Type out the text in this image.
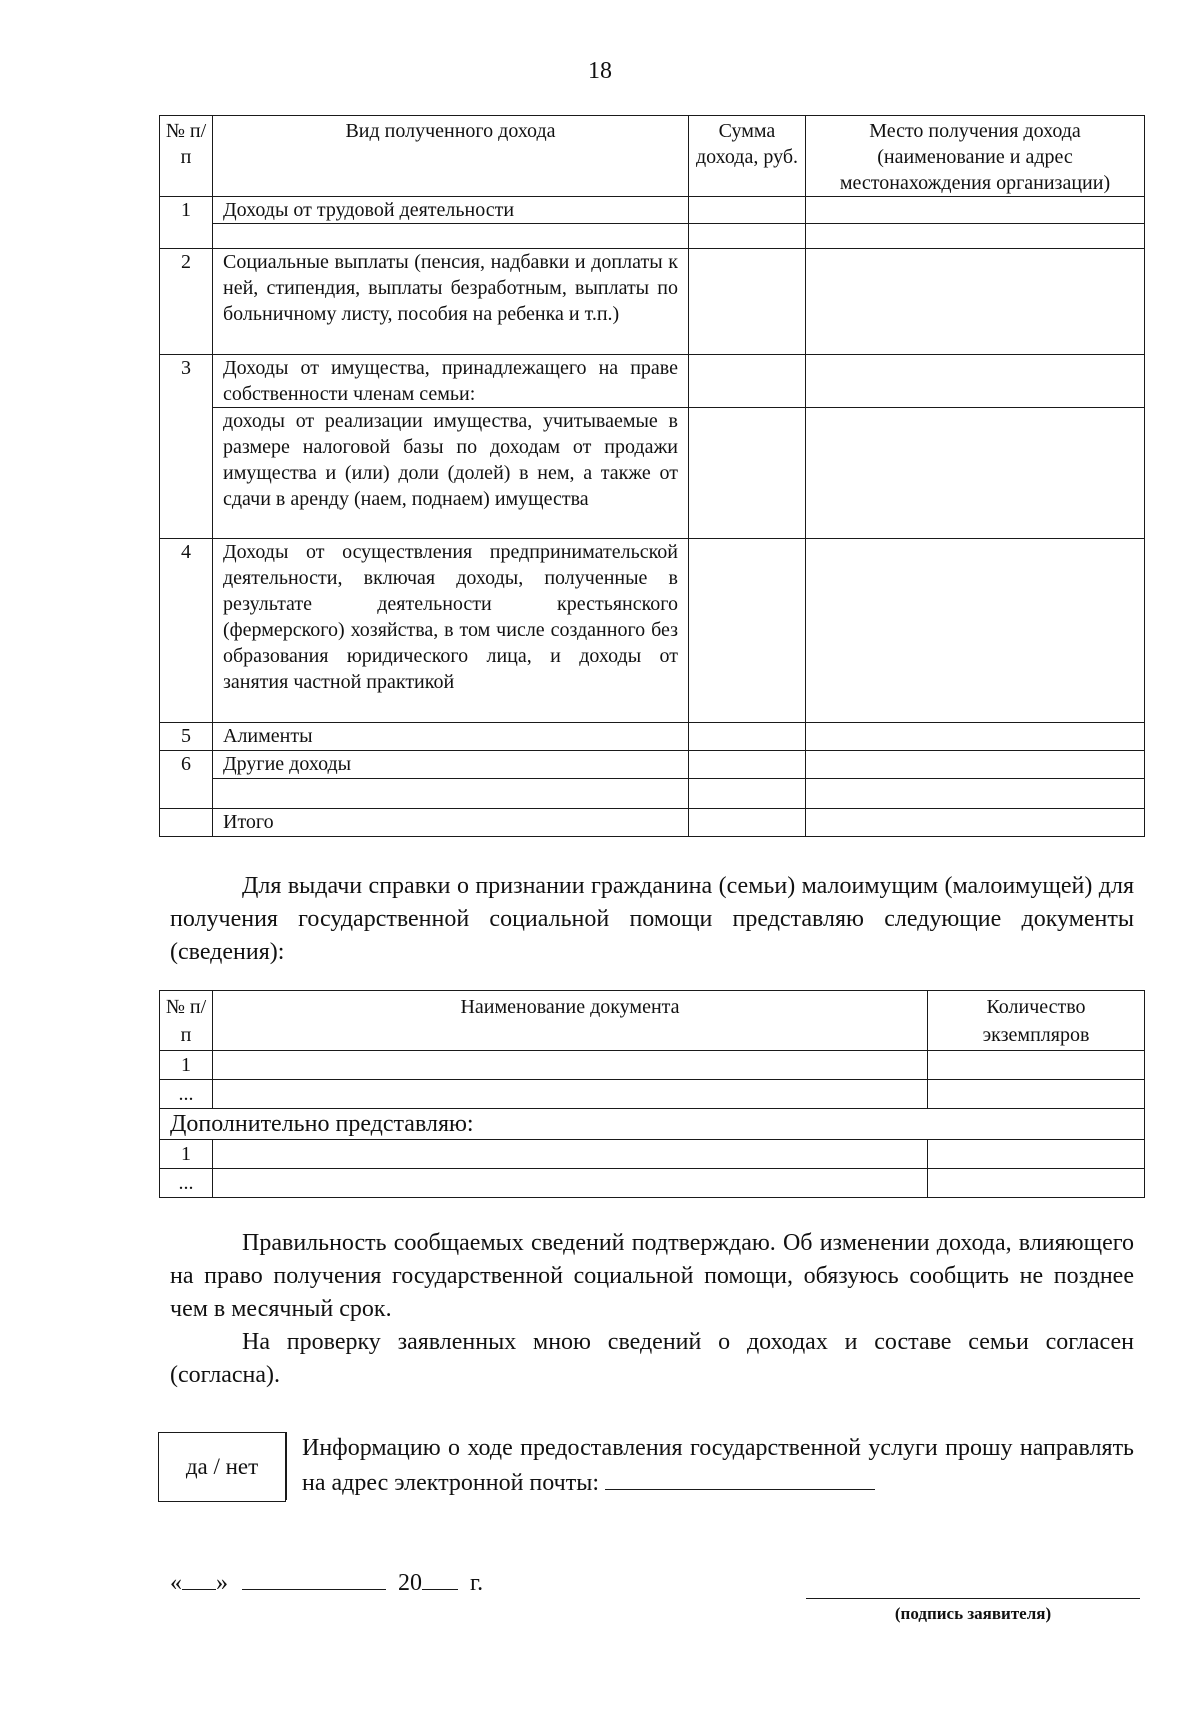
18
№ п/п	Вид полученного дохода	Сумма дохода, руб.	Место получения дохода (наименование и адрес местонахождения организации)
1	Доходы от трудовой деятельности		

2	Социальные выплаты (пенсия, надбавки и доплаты к ней, стипендия, выплаты безработным, выплаты по больничному листу, пособия на ребенка и т.п.)		
3	Доходы от имущества, принадлежащего на праве собственности членам семьи:		
	доходы от реализации имущества, учитываемые в размере налоговой базы по доходам от продажи имущества и (или) доли (долей) в нем, а также от сдачи в аренду (наем, поднаем) имущества		
4	Доходы от осуществления предпринимательской деятельности, включая доходы, полученные в результате деятельности крестьянского (фермерского) хозяйства, в том числе созданного без образования юридического лица, и доходы от занятия частной практикой		
5	Алименты		
6	Другие доходы		

	Итого		
Для выдачи справки о признании гражданина (семьи) малоимущим (малоимущей) для получения государственной социальной помощи представляю следующие документы (сведения):
№ п/п	Наименование документа	Количество экземпляров
1		
...		
Дополнительно представляю:		
1		
...		
Правильность сообщаемых сведений подтверждаю. Об изменении дохода, влияющего на право получения государственной социальной помощи, обязуюсь сообщить не позднее чем в месячный срок.
На проверку заявленных мною сведений о доходах и составе семьи согласен (согласна).
да / нет
Информацию о ходе предоставления государственной услуги прошу направлять на адрес электронной почты:
« »	20 г.
(подпись заявителя)
